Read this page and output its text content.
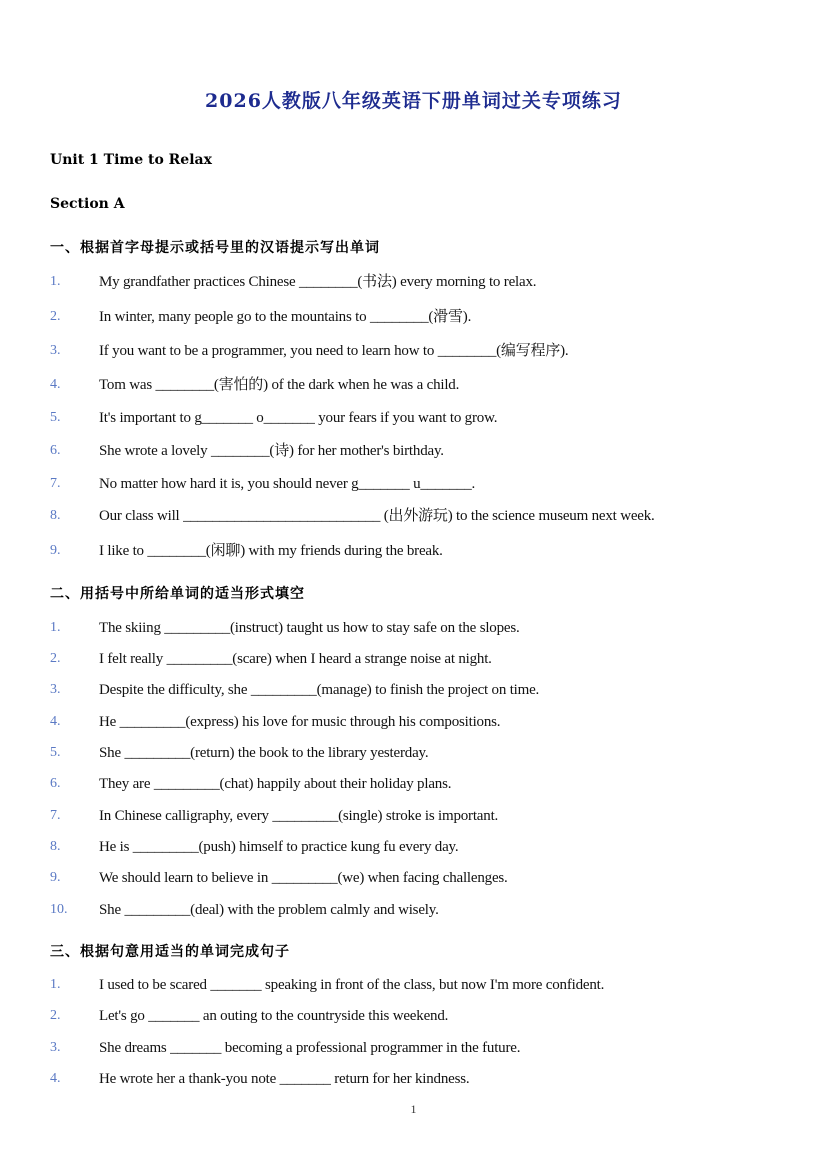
2026人教版八年级英语下册单词过关专项练习
Unit 1 Time to Relax
Section A
一、根据首字母提示或括号里的汉语提示写出单词
1.	My grandfather practices Chinese ________(书法) every morning to relax.
2.	In winter, many people go to the mountains to ________(滑雪).
3.	If you want to be a programmer, you need to learn how to ________(编写程序).
4.	Tom was ________(害怕的) of the dark when he was a child.
5.	It's important to g_______ o_______ your fears if you want to grow.
6.	She wrote a lovely ________(诗) for her mother's birthday.
7.	No matter how hard it is, you should never g_______ u_______.
8.	Our class will ___________________________ (出外游玩) to the science museum next week.
9.	I like to ________(闲聊) with my friends during the break.
二、用括号中所给单词的适当形式填空
1.	The skiing _________(instruct) taught us how to stay safe on the slopes.
2.	I felt really _________(scare) when I heard a strange noise at night.
3.	Despite the difficulty, she _________(manage) to finish the project on time.
4.	He _________(express) his love for music through his compositions.
5.	She _________(return) the book to the library yesterday.
6.	They are _________(chat) happily about their holiday plans.
7.	In Chinese calligraphy, every _________(single) stroke is important.
8.	He is _________(push) himself to practice kung fu every day.
9.	We should learn to believe in _________(we) when facing challenges.
10. She _________(deal) with the problem calmly and wisely.
三、根据句意用适当的单词完成句子
1.	I used to be scared _______ speaking in front of the class, but now I'm more confident.
2.	Let's go _______ an outing to the countryside this weekend.
3.	She dreams _______ becoming a professional programmer in the future.
4.	He wrote her a thank-you note _______ return for her kindness.
1
